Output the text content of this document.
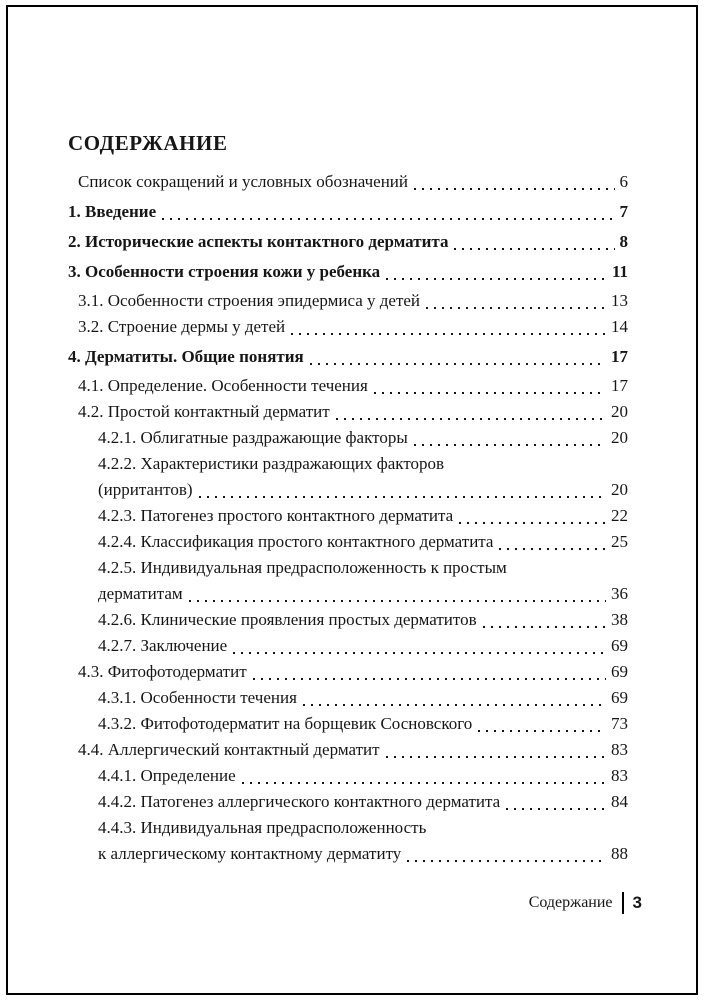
СОДЕРЖАНИЕ
Список сокращений и условных обозначений	6
1. Введение	7
2. Исторические аспекты контактного дерматита	8
3. Особенности строения кожи у ребенка	11
3.1. Особенности строения эпидермиса у детей	13
3.2. Строение дермы у детей	14
4. Дерматиты. Общие понятия	17
4.1. Определение. Особенности течения	17
4.2. Простой контактный дерматит	20
4.2.1. Облигатные раздражающие факторы	20
4.2.2. Характеристики раздражающих факторов
(ирритантов)	20
4.2.3. Патогенез простого контактного дерматита	22
4.2.4. Классификация простого контактного дерматита	25
4.2.5. Индивидуальная предрасположенность к простым
дерматитам	36
4.2.6. Клинические проявления простых дерматитов	38
4.2.7. Заключение	69
4.3. Фитофотодерматит	69
4.3.1. Особенности течения	69
4.3.2. Фитофотодерматит на борщевик Сосновского	73
4.4. Аллергический контактный дерматит	83
4.4.1. Определение	83
4.4.2. Патогенез аллергического контактного дерматита	84
4.4.3. Индивидуальная предрасположенность
к аллергическому контактному дерматиту	88
Содержание 3
